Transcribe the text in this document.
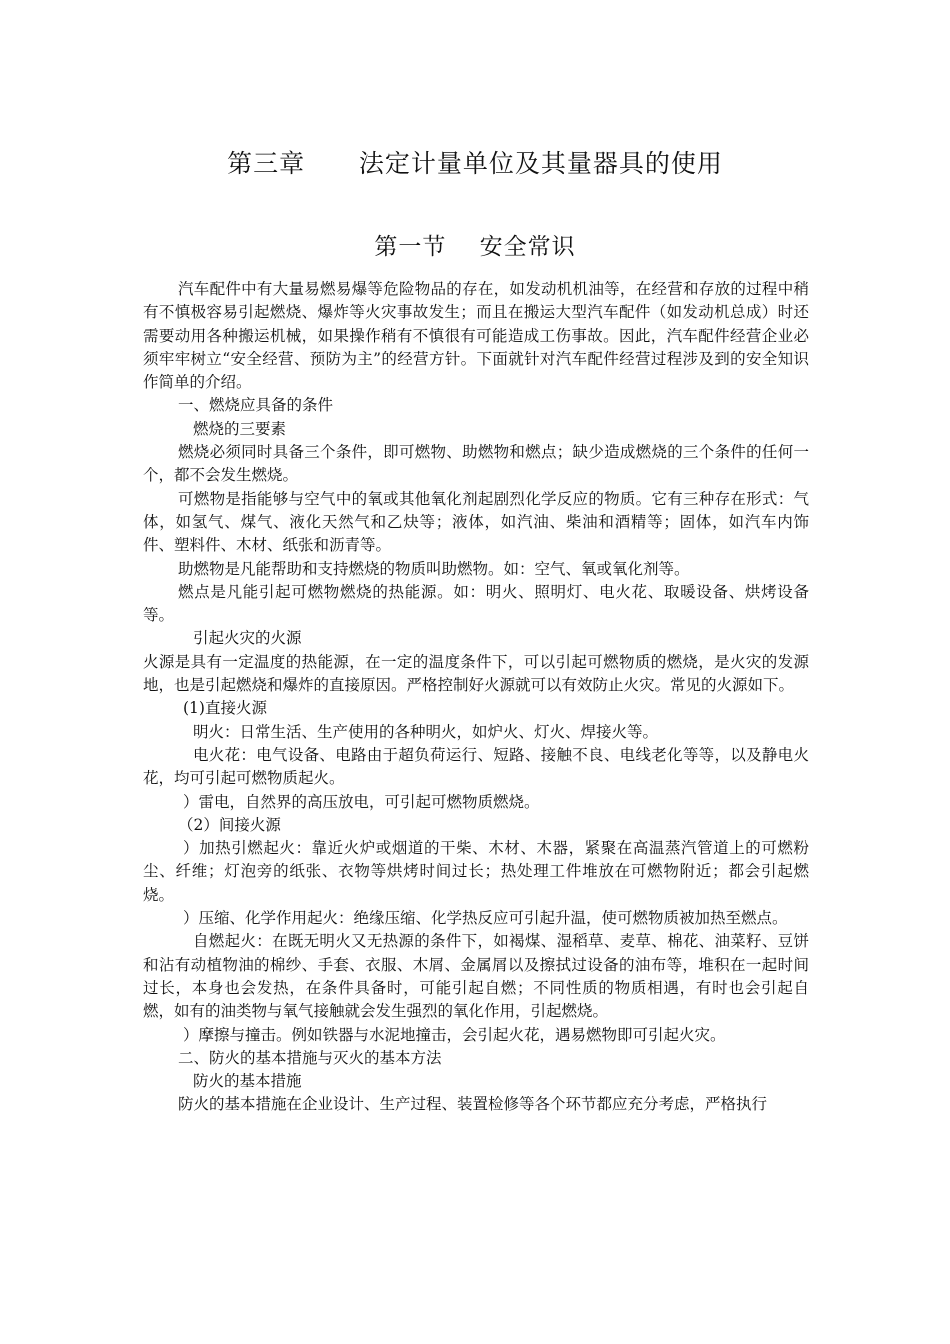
第三章      法定计量单位及其量器具的使用
第一节    安全常识

汽车配件中有大量易燃易爆等危险物品的存在，如发动机机油等，在经营和存放的过程中稍有不慎极容易引起燃烧、爆炸等火灾事故发生；而且在搬运大型汽车配件（如发动机总成）时还需要动用各种搬运机械，如果操作稍有不慎很有可能造成工伤事故。因此，汽车配件经营企业必须牢牢树立“安全经营、预防为主”的经营方针。下面就针对汽车配件经营过程涉及到的安全知识作简单的介绍。

一、燃烧应具备的条件

燃烧的三要素

燃烧必须同时具备三个条件，即可燃物、助燃物和燃点；缺少造成燃烧的三个条件的任何一个，都不会发生燃烧。

可燃物是指能够与空气中的氧或其他氧化剂起剧烈化学反应的物质。它有三种存在形式：气体，如氢气、煤气、液化天然气和乙炔等；液体，如汽油、柴油和酒精等；固体，如汽车内饰件、塑料件、木材、纸张和沥青等。

助燃物是凡能帮助和支持燃烧的物质叫助燃物。如：空气、氧或氧化剂等。

燃点是凡能引起可燃物燃烧的热能源。如：明火、照明灯、电火花、取暖设备、烘烤设备等。

引起火灾的火源

火源是具有一定温度的热能源，在一定的温度条件下，可以引起可燃物质的燃烧，是火灾的发源地，也是引起燃烧和爆炸的直接原因。严格控制好火源就可以有效防止火灾。常见的火源如下。

(1)直接火源

明火：日常生活、生产使用的各种明火，如炉火、灯火、焊接火等。

电火花：电气设备、电路由于超负荷运行、短路、接触不良、电线老化等等，以及静电火花，均可引起可燃物质起火。

）雷电，自然界的高压放电，可引起可燃物质燃烧。

（2）间接火源

）加热引燃起火：靠近火炉或烟道的干柴、木材、木器，紧聚在高温蒸汽管道上的可燃粉尘、纤维；灯泡旁的纸张、衣物等烘烤时间过长；热处理工件堆放在可燃物附近；都会引起燃烧。

）压缩、化学作用起火：绝缘压缩、化学热反应可引起升温，使可燃物质被加热至燃点。

自燃起火：在既无明火又无热源的条件下，如褐煤、湿稻草、麦草、棉花、油菜籽、豆饼和沾有动植物油的棉纱、手套、衣服、木屑、金属屑以及擦拭过设备的油布等，堆积在一起时间过长，本身也会发热，在条件具备时，可能引起自燃；不同性质的物质相遇，有时也会引起自燃，如有的油类物与氧气接触就会发生强烈的氧化作用，引起燃烧。

）摩擦与撞击。例如铁器与水泥地撞击，会引起火花，遇易燃物即可引起火灾。

二、防火的基本措施与灭火的基本方法

防火的基本措施

防火的基本措施在企业设计、生产过程、装置检修等各个环节都应充分考虑，严格执行
